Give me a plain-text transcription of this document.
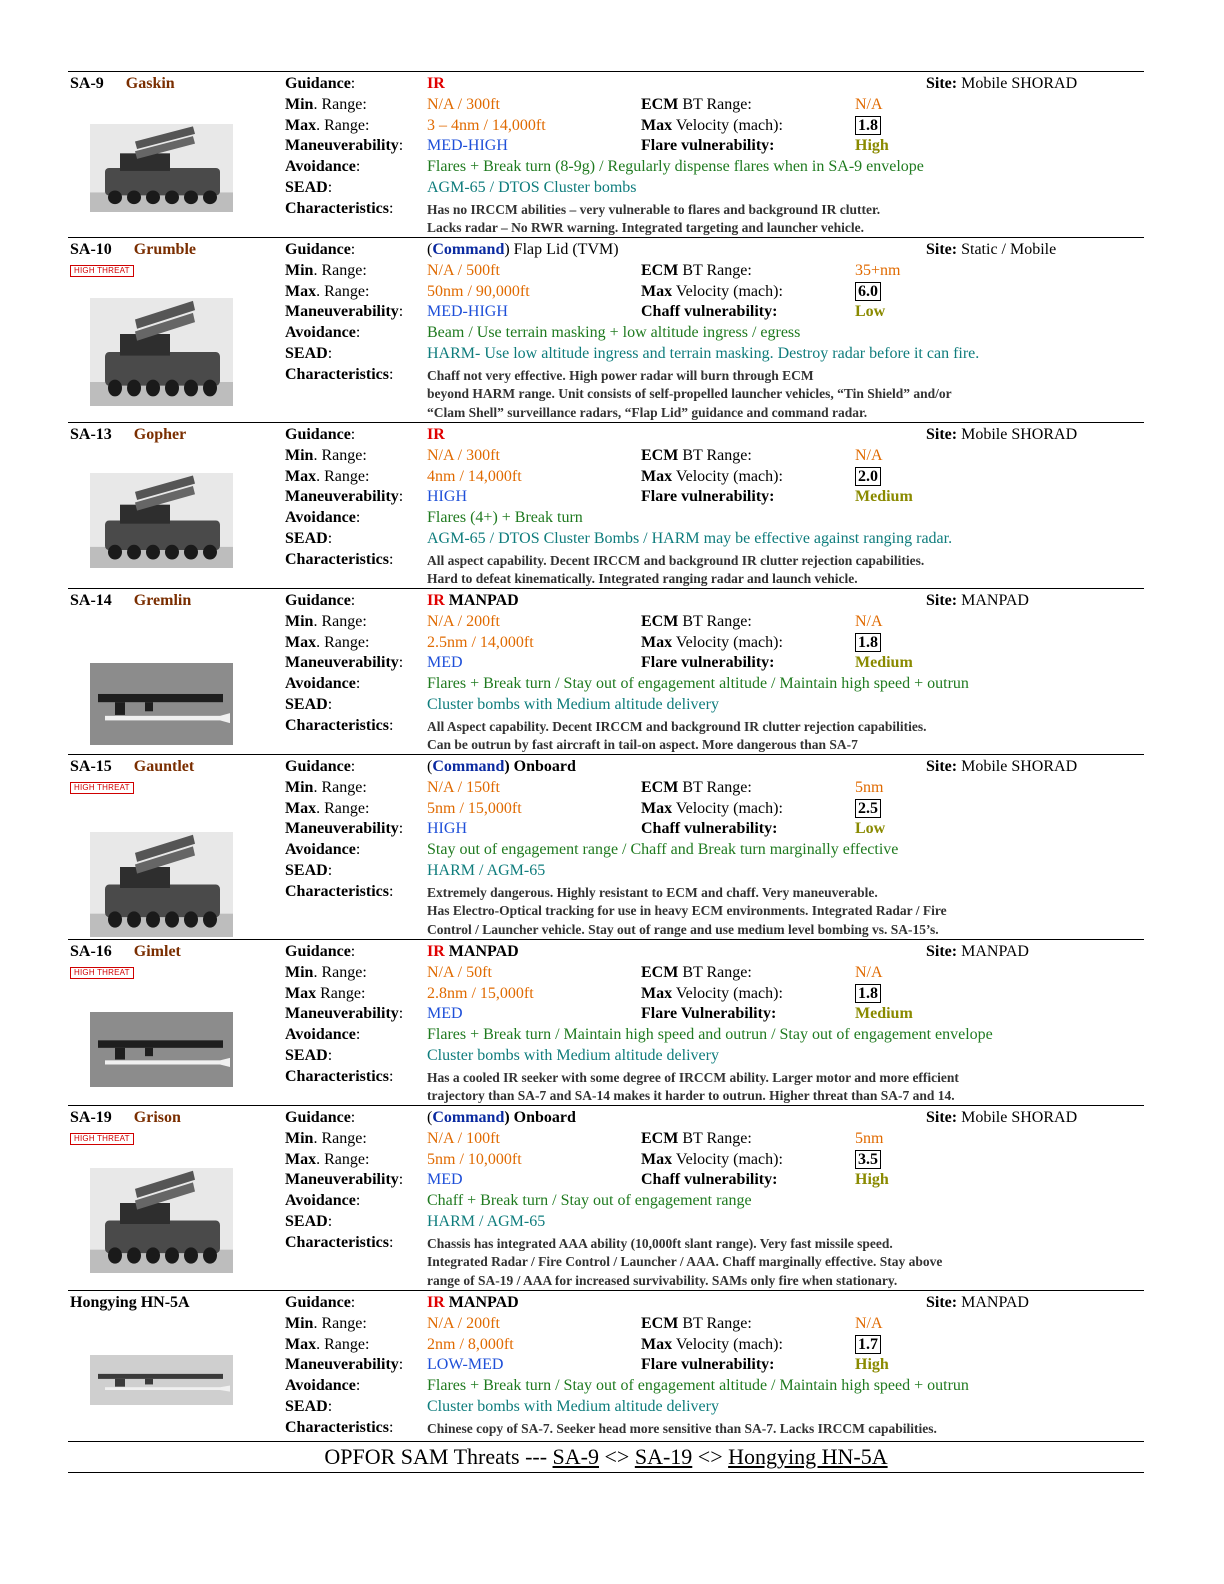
SA-9 Gaskin	Guidance:	IR	Site: Mobile SHORAD
Min. Range:	N/A / 300ft	ECM BT Range:	N/A
Max. Range:	3 – 4nm / 14,000ft	Max Velocity (mach):	1.8
Maneuverability: MED-HIGH	Flare vulnerability:	High
Avoidance:	Flares + Break turn (8-9g) / Regularly dispense flares when in SA-9 envelope
SEAD:	AGM-65 / DTOS Cluster bombs
Characteristics: Has no IRCCM abilities – very vulnerable to flares and background IR clutter.
Lacks radar – No RWR warning. Integrated targeting and launcher vehicle.
SA-10 Grumble
HIGH THREAT
Guidance:	(Command) Flap Lid (TVM)	Site: Static / Mobile
Min. Range:	N/A / 500ft	ECM BT Range:	35+nm
Max. Range:	50nm / 90,000ft	Max Velocity (mach):	6.0
Maneuverability: MED-HIGH	Chaff vulnerability:	Low
Avoidance:	Beam / Use terrain masking + low altitude ingress / egress
SEAD:	HARM- Use low altitude ingress and terrain masking. Destroy radar before it can fire.
Characteristics: Chaff not very effective. High power radar will burn through ECM
beyond HARM range. Unit consists of self-propelled launcher vehicles, “Tin Shield” and/or
“Clam Shell” surveillance radars, “Flap Lid” guidance and command radar.
SA-13 Gopher	Guidance:	IR	Site: Mobile SHORAD
Min. Range:	N/A / 300ft	ECM BT Range:	N/A
Max. Range:	4nm / 14,000ft	Max Velocity (mach):	2.0
Maneuverability: HIGH	Flare vulnerability:	Medium
Avoidance:	Flares (4+) + Break turn
SEAD:	AGM-65 / DTOS Cluster Bombs / HARM may be effective against ranging radar.
Characteristics: All aspect capability. Decent IRCCM and background IR clutter rejection capabilities.
Hard to defeat kinematically. Integrated ranging radar and launch vehicle.
SA-14 Gremlin	Guidance:	IR MANPAD	Site: MANPAD
Min. Range:	N/A / 200ft	ECM BT Range:	N/A
Max. Range:	2.5nm / 14,000ft	Max Velocity (mach):	1.8
Maneuverability: MED	Flare vulnerability:	Medium
Avoidance:	Flares + Break turn / Stay out of engagement altitude / Maintain high speed + outrun
SEAD:	Cluster bombs with Medium altitude delivery
Characteristics: All Aspect capability. Decent IRCCM and background IR clutter rejection capabilities.
Can be outrun by fast aircraft in tail-on aspect. More dangerous than SA-7
SA-15 Gauntlet
HIGH THREAT
Guidance:	(Command) Onboard	Site: Mobile SHORAD
Min. Range:	N/A / 150ft	ECM BT Range:	5nm
Max. Range:	5nm / 15,000ft	Max Velocity (mach):	2.5
Maneuverability: HIGH	Chaff vulnerability:	Low
Avoidance:	Stay out of engagement range / Chaff and Break turn marginally effective
SEAD:	HARM / AGM-65
Characteristics: Extremely dangerous. Highly resistant to ECM and chaff. Very maneuverable.
Has Electro-Optical tracking for use in heavy ECM environments. Integrated Radar / Fire
Control / Launcher vehicle. Stay out of range and use medium level bombing vs. SA-15’s.
SA-16 Gimlet
HIGH THREAT
Guidance:	IR MANPAD	Site: MANPAD
Min. Range:	N/A / 50ft	ECM BT Range:	N/A
Max Range:	2.8nm / 15,000ft	Max Velocity (mach):	1.8
Maneuverability: MED	Flare Vulnerability:	Medium
Avoidance:	Flares + Break turn / Maintain high speed and outrun / Stay out of engagement envelope
SEAD:	Cluster bombs with Medium altitude delivery
Characteristics: Has a cooled IR seeker with some degree of IRCCM ability. Larger motor and more efficient
trajectory than SA-7 and SA-14 makes it harder to outrun. Higher threat than SA-7 and 14.
SA-19 Grison
HIGH THREAT
Guidance:	(Command) Onboard	Site: Mobile SHORAD
Min. Range:	N/A / 100ft	ECM BT Range:	5nm
Max. Range:	5nm / 10,000ft	Max Velocity (mach):	3.5
Maneuverability: MED	Chaff vulnerability:	High
Avoidance:	Chaff + Break turn / Stay out of engagement range
SEAD:	HARM / AGM-65
Characteristics: Chassis has integrated AAA ability (10,000ft slant range). Very fast missile speed.
Integrated Radar / Fire Control / Launcher / AAA. Chaff marginally effective. Stay above
range of SA-19 / AAA for increased survivability. SAMs only fire when stationary.
Hongying HN-5A	Guidance:	IR MANPAD	Site: MANPAD
Min. Range:	N/A / 200ft	ECM BT Range:	N/A
Max. Range:	2nm / 8,000ft	Max Velocity (mach):	1.7
Maneuverability: LOW-MED	Flare vulnerability:	High
Avoidance:	Flares + Break turn / Stay out of engagement altitude / Maintain high speed + outrun
SEAD:	Cluster bombs with Medium altitude delivery
Characteristics: Chinese copy of SA-7. Seeker head more sensitive than SA-7. Lacks IRCCM capabilities.
OPFOR SAM Threats --- SA-9 <> SA-19 <> Hongying HN-5A
